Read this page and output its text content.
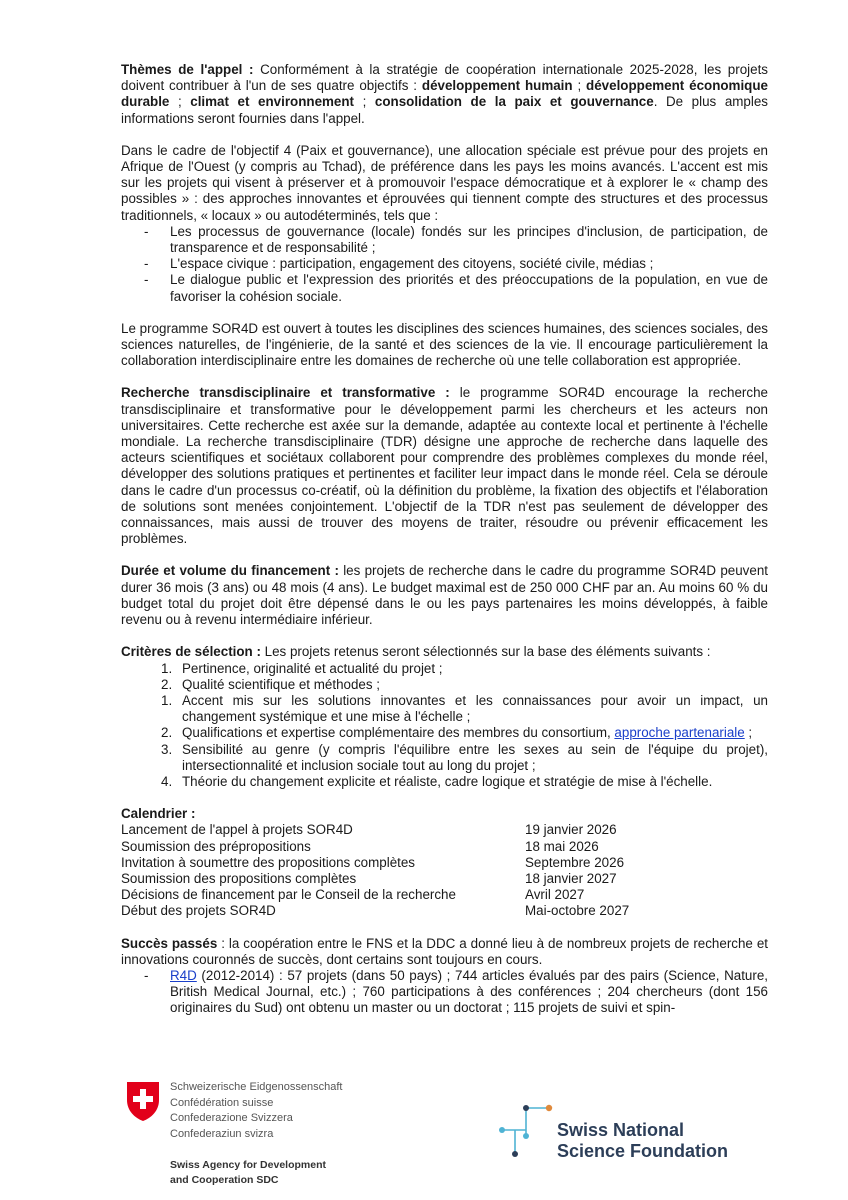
Thèmes de l'appel : Conformément à la stratégie de coopération internationale 2025-2028, les projets doivent contribuer à l'un de ses quatre objectifs : développement humain ; développement économique durable ; climat et environnement ; consolidation de la paix et gouvernance. De plus amples informations seront fournies dans l'appel.

Dans le cadre de l'objectif 4 (Paix et gouvernance), une allocation spéciale est prévue pour des projets en Afrique de l'Ouest (y compris au Tchad), de préférence dans les pays les moins avancés. L'accent est mis sur les projets qui visent à préserver et à promouvoir l'espace démocratique et à explorer le « champ des possibles » : des approches innovantes et éprouvées qui tiennent compte des structures et des processus traditionnels, « locaux » ou autodéterminés, tels que :

- Les processus de gouvernance (locale) fondés sur les principes d'inclusion, de participation, de transparence et de responsabilité ;
- L'espace civique : participation, engagement des citoyens, société civile, médias ;
- Le dialogue public et l'expression des priorités et des préoccupations de la population, en vue de favoriser la cohésion sociale.

Le programme SOR4D est ouvert à toutes les disciplines des sciences humaines, des sciences sociales, des sciences naturelles, de l'ingénierie, de la santé et des sciences de la vie. Il encourage particulièrement la collaboration interdisciplinaire entre les domaines de recherche où une telle collaboration est appropriée.

Recherche transdisciplinaire et transformative : le programme SOR4D encourage la recherche transdisciplinaire et transformative pour le développement parmi les chercheurs et les acteurs non universitaires. Cette recherche est axée sur la demande, adaptée au contexte local et pertinente à l'échelle mondiale. La recherche transdisciplinaire (TDR) désigne une approche de recherche dans laquelle des acteurs scientifiques et sociétaux collaborent pour comprendre des problèmes complexes du monde réel, développer des solutions pratiques et pertinentes et faciliter leur impact dans le monde réel. Cela se déroule dans le cadre d'un processus co-créatif, où la définition du problème, la fixation des objectifs et l'élaboration de solutions sont menées conjointement. L'objectif de la TDR n'est pas seulement de développer des connaissances, mais aussi de trouver des moyens de traiter, résoudre ou prévenir efficacement les problèmes.

Durée et volume du financement : les projets de recherche dans le cadre du programme SOR4D peuvent durer 36 mois (3 ans) ou 48 mois (4 ans). Le budget maximal est de 250 000 CHF par an. Au moins 60 % du budget total du projet doit être dépensé dans le ou les pays partenaires les moins développés, à faible revenu ou à revenu intermédiaire inférieur.

Critères de sélection : Les projets retenus seront sélectionnés sur la base des éléments suivants :

1. Pertinence, originalité et actualité du projet ;
2. Qualité scientifique et méthodes ;
1. Accent mis sur les solutions innovantes et les connaissances pour avoir un impact, un changement systémique et une mise à l'échelle ;
2. Qualifications et expertise complémentaire des membres du consortium, approche partenariale ;
3. Sensibilité au genre (y compris l'équilibre entre les sexes au sein de l'équipe du projet), intersectionnalité et inclusion sociale tout au long du projet ;
4. Théorie du changement explicite et réaliste, cadre logique et stratégie de mise à l'échelle.

Calendrier :

Lancement de l'appel à projets SOR4D	19 janvier 2026
Soumission des prépropositions	18 mai 2026
Invitation à soumettre des propositions complètes	Septembre 2026
Soumission des propositions complètes	18 janvier 2027
Décisions de financement par le Conseil de la recherche	Avril 2027
Début des projets SOR4D	Mai-octobre 2027

Succès passés : la coopération entre le FNS et la DDC a donné lieu à de nombreux projets de recherche et innovations couronnés de succès, dont certains sont toujours en cours.

- R4D (2012-2014) : 57 projets (dans 50 pays) ; 744 articles évalués par des pairs (Science, Nature, British Medical Journal, etc.) ; 760 participations à des conférences ; 204 chercheurs (dont 156 originaires du Sud) ont obtenu un master ou un doctorat ; 115 projets de suivi et spin-
Schweizerische Eidgenossenschaft
Confédération suisse
Confederazione Svizzera
Confederaziun svizra
Swiss Agency for Development
and Cooperation SDC
Swiss National
Science Foundation
